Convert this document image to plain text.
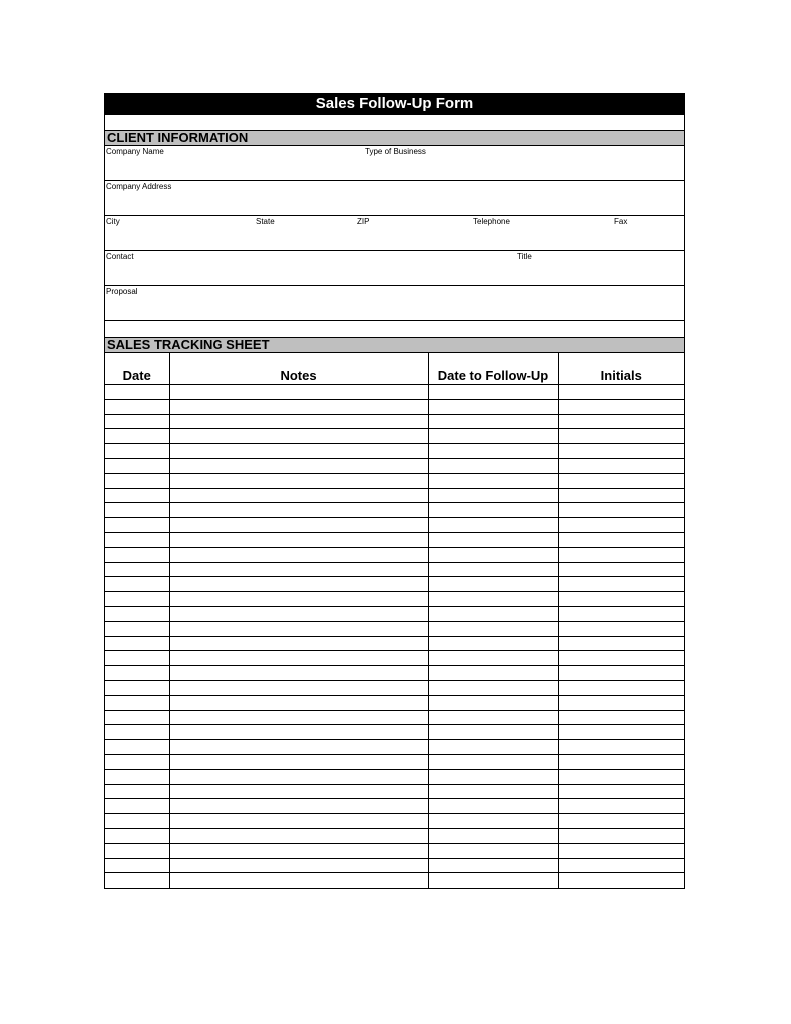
Sales Follow-Up Form
CLIENT INFORMATION
Company Name	Type of Business
Company Address
City	State	ZIP	Telephone	Fax
Contact	Title
Proposal
SALES TRACKING SHEET
Date	Notes	Date to Follow-Up	Initials
